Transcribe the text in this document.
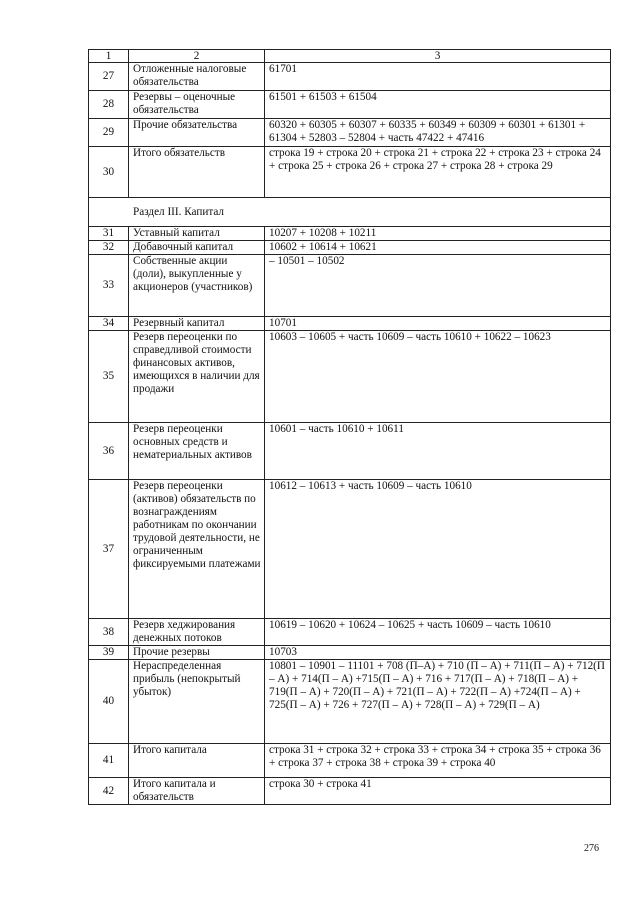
1	2	3
27	Отложенные налоговые обязательства	61701
28	Резервы – оценочные обязательства	61501 + 61503 + 61504
29	Прочие обязательства	60320 + 60305 + 60307 + 60335 + 60349 + 60309 + 60301 + 61301 + 61304 + 52803 – 52804 + часть 47422 + 47416
30	Итого обязательств	строка 19 + строка 20 + строка 21 + строка 22 + строка 23 + строка 24 + строка 25 + строка 26 + строка 27 + строка 28 + строка 29
Раздел III. Капитал		
31	Уставный капитал	10207 + 10208 + 10211
32	Добавочный капитал	10602 + 10614 + 10621
33	Собственные акции (доли), выкупленные у акционеров (участников)	– 10501 – 10502
34	Резервный капитал	10701
35	Резерв переоценки по справедливой стоимости финансовых активов, имеющихся в наличии для продажи	10603 – 10605 + часть 10609 – часть 10610 + 10622 – 10623
36	Резерв переоценки основных средств и нематериальных активов	10601 – часть 10610 + 10611
37	Резерв переоценки (активов) обязательств по вознаграждениям работникам по окончании трудовой деятельности, не ограниченным фиксируемыми платежами	10612 – 10613 + часть 10609 – часть 10610
38	Резерв хеджирования денежных потоков	10619 – 10620 + 10624 – 10625 + часть 10609 – часть 10610
39	Прочие резервы	10703
40	Нераспределенная прибыль (непокрытый убыток)	10801 – 10901 – 11101 + 708 (П–А) + 710 (П – А) + 711(П – А) + 712(П – А) + 714(П – А) +715(П – А) + 716 + 717(П – А) + 718(П – А) + 719(П – А) + 720(П – А) + 721(П – А) + 722(П – А) +724(П – А) + 725(П – А) + 726 + 727(П – А) + 728(П – А) + 729(П – А)
41	Итого капитала	строка 31 + строка 32 + строка 33 + строка 34 + строка 35 + строка 36 + строка 37 + строка 38 + строка 39 + строка 40
42	Итого капитала и обязательств	строка 30 + строка 41
276
